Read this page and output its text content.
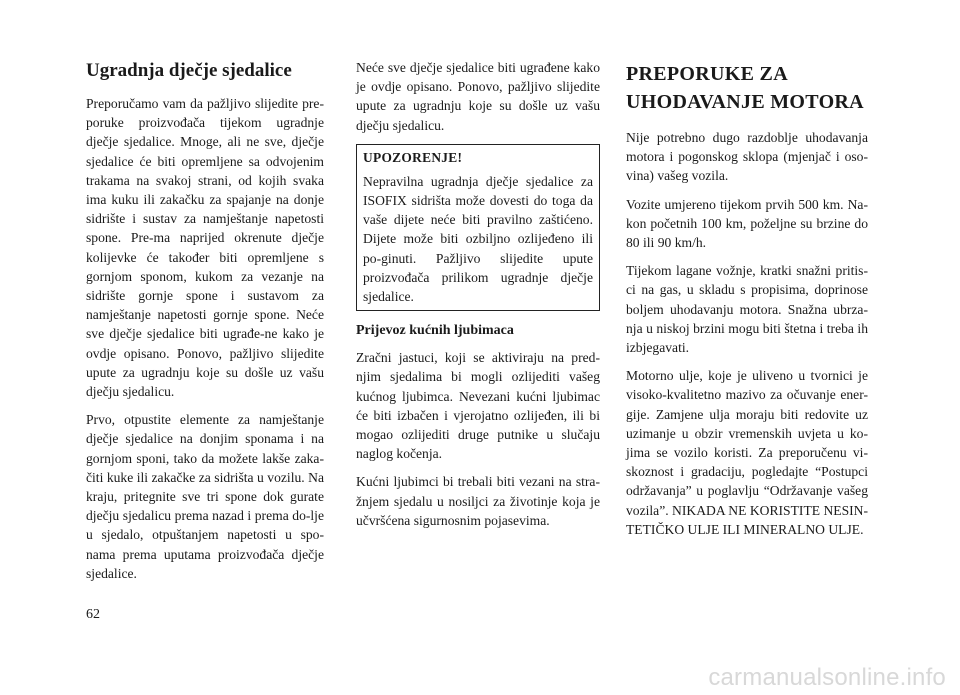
Ugradnja dječje sjedalice

Preporučamo vam da pažljivo slijedite pre-poruke proizvođača tijekom ugradnje dječje sjedalice. Mnoge, ali ne sve, dječje sjedalice će biti opremljene sa odvojenim trakama na svakoj strani, od kojih svaka ima kuku ili zakačku za spajanje na donje sidrište i sustav za namještanje napetosti spone. Pre-ma naprijed okrenute dječje kolijevke će također biti opremljene s gornjom sponom, kukom za vezanje na sidrište gornje spone i sustavom za namještanje napetosti gornje spone. Neće sve dječje sjedalice biti ugrađe-ne kako je ovdje opisano. Ponovo, pažljivo slijedite upute za ugradnju koje su došle uz vašu dječju sjedalicu.

Prvo, otpustite elemente za namještanje dječje sjedalice na donjim sponama i na gornjom sponi, tako da možete lakše zaka-čiti kuke ili zakačke za sidrišta u vozilu. Na kraju, pritegnite sve tri spone dok gurate dječju sjedalicu prema nazad i prema do-lje u sjedalo, otpuštanjem napetosti u spo-nama prema uputama proizvođača dječje sjedalice.

Neće sve dječje sjedalice biti ugrađene kako je ovdje opisano. Ponovo, pažljivo slijedite upute za ugradnju koje su došle uz vašu dječju sjedalicu.

UPOZORENJE!

Nepravilna ugradnja dječje sjedalice za ISOFIX sidrišta može dovesti do toga da vaše dijete neće biti pravilno zaštićeno. Dijete može biti ozbiljno ozlijeđeno ili po-ginuti. Pažljivo slijedite upute proizvođača prilikom ugradnje dječje sjedalice.

Prijevoz kućnih ljubimaca

Zračni jastuci, koji se aktiviraju na pred-njim sjedalima bi mogli ozlijediti vašeg kućnog ljubimca. Nevezani kućni ljubimac će biti izbačen i vjerojatno ozlijeđen, ili bi mogao ozlijediti druge putnike u slučaju naglog kočenja.

Kućni ljubimci bi trebali biti vezani na stra-žnjem sjedalu u nosiljci za životinje koja je učvršćena sigurnosnim pojasevima.

PREPORUKE ZA
UHODAVANJE MOTORA

Nije potrebno dugo razdoblje uhodavanja motora i pogonskog sklopa (mjenjač i oso-vina) vašeg vozila.

Vozite umjereno tijekom prvih 500 km. Na-kon početnih 100 km, poželjne su brzine do 80 ili 90 km/h.

Tijekom lagane vožnje, kratki snažni pritis-ci na gas, u skladu s propisima, doprinose boljem uhodavanju motora. Snažna ubrza-nja u niskoj brzini mogu biti štetna i treba ih izbjegavati.

Motorno ulje, koje je uliveno u tvornici je visoko-kvalitetno mazivo za očuvanje ener-gije. Zamjene ulja moraju biti redovite uz uzimanje u obzir vremenskih uvjeta u ko-jima se vozilo koristi. Za preporučenu vi-skoznost i gradaciju, pogledajte “Postupci održavanja” u poglavlju “Održavanje vašeg vozila”. NIKADA NE KORISTITE NESIN-TETIČKO ULJE ILI MINERALNO ULJE.

62
carmanualsonline.info
